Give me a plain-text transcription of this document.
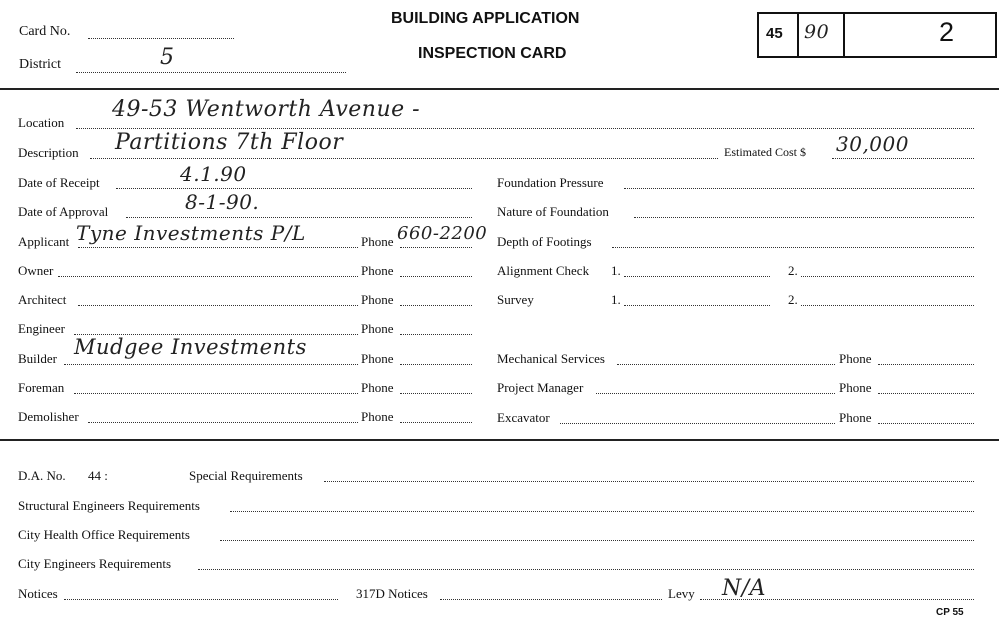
Card No.
District	5
BUILDING APPLICATION
INSPECTION CARD
45 90	2
Location
49-53 Wentworth Avenue -
Description Partitions 7th Floor	Estimated Cost $ 30,000
Date of Receipt	4.1.90
Date of Approval	8-1-90.
Applicant Tyne Investments P/L	Phone 660-2200
Owner	Phone
Architect	Phone
Engineer	Phone
Builder Mudgee Investments	Phone
Foreman	Phone
Demolisher	Phone
Foundation Pressure
Nature of Foundation
Depth of Footings
Alignment Check 1.	2.
Survey	1.	2.
Mechanical Services	Phone
Project Manager	Phone
Excavator	Phone
D.A. No. 44 :	Special Requirements
Structural Engineers Requirements
City Health Office Requirements
City Engineers Requirements
Notices	317D Notices	Levy N/A
CP 55
